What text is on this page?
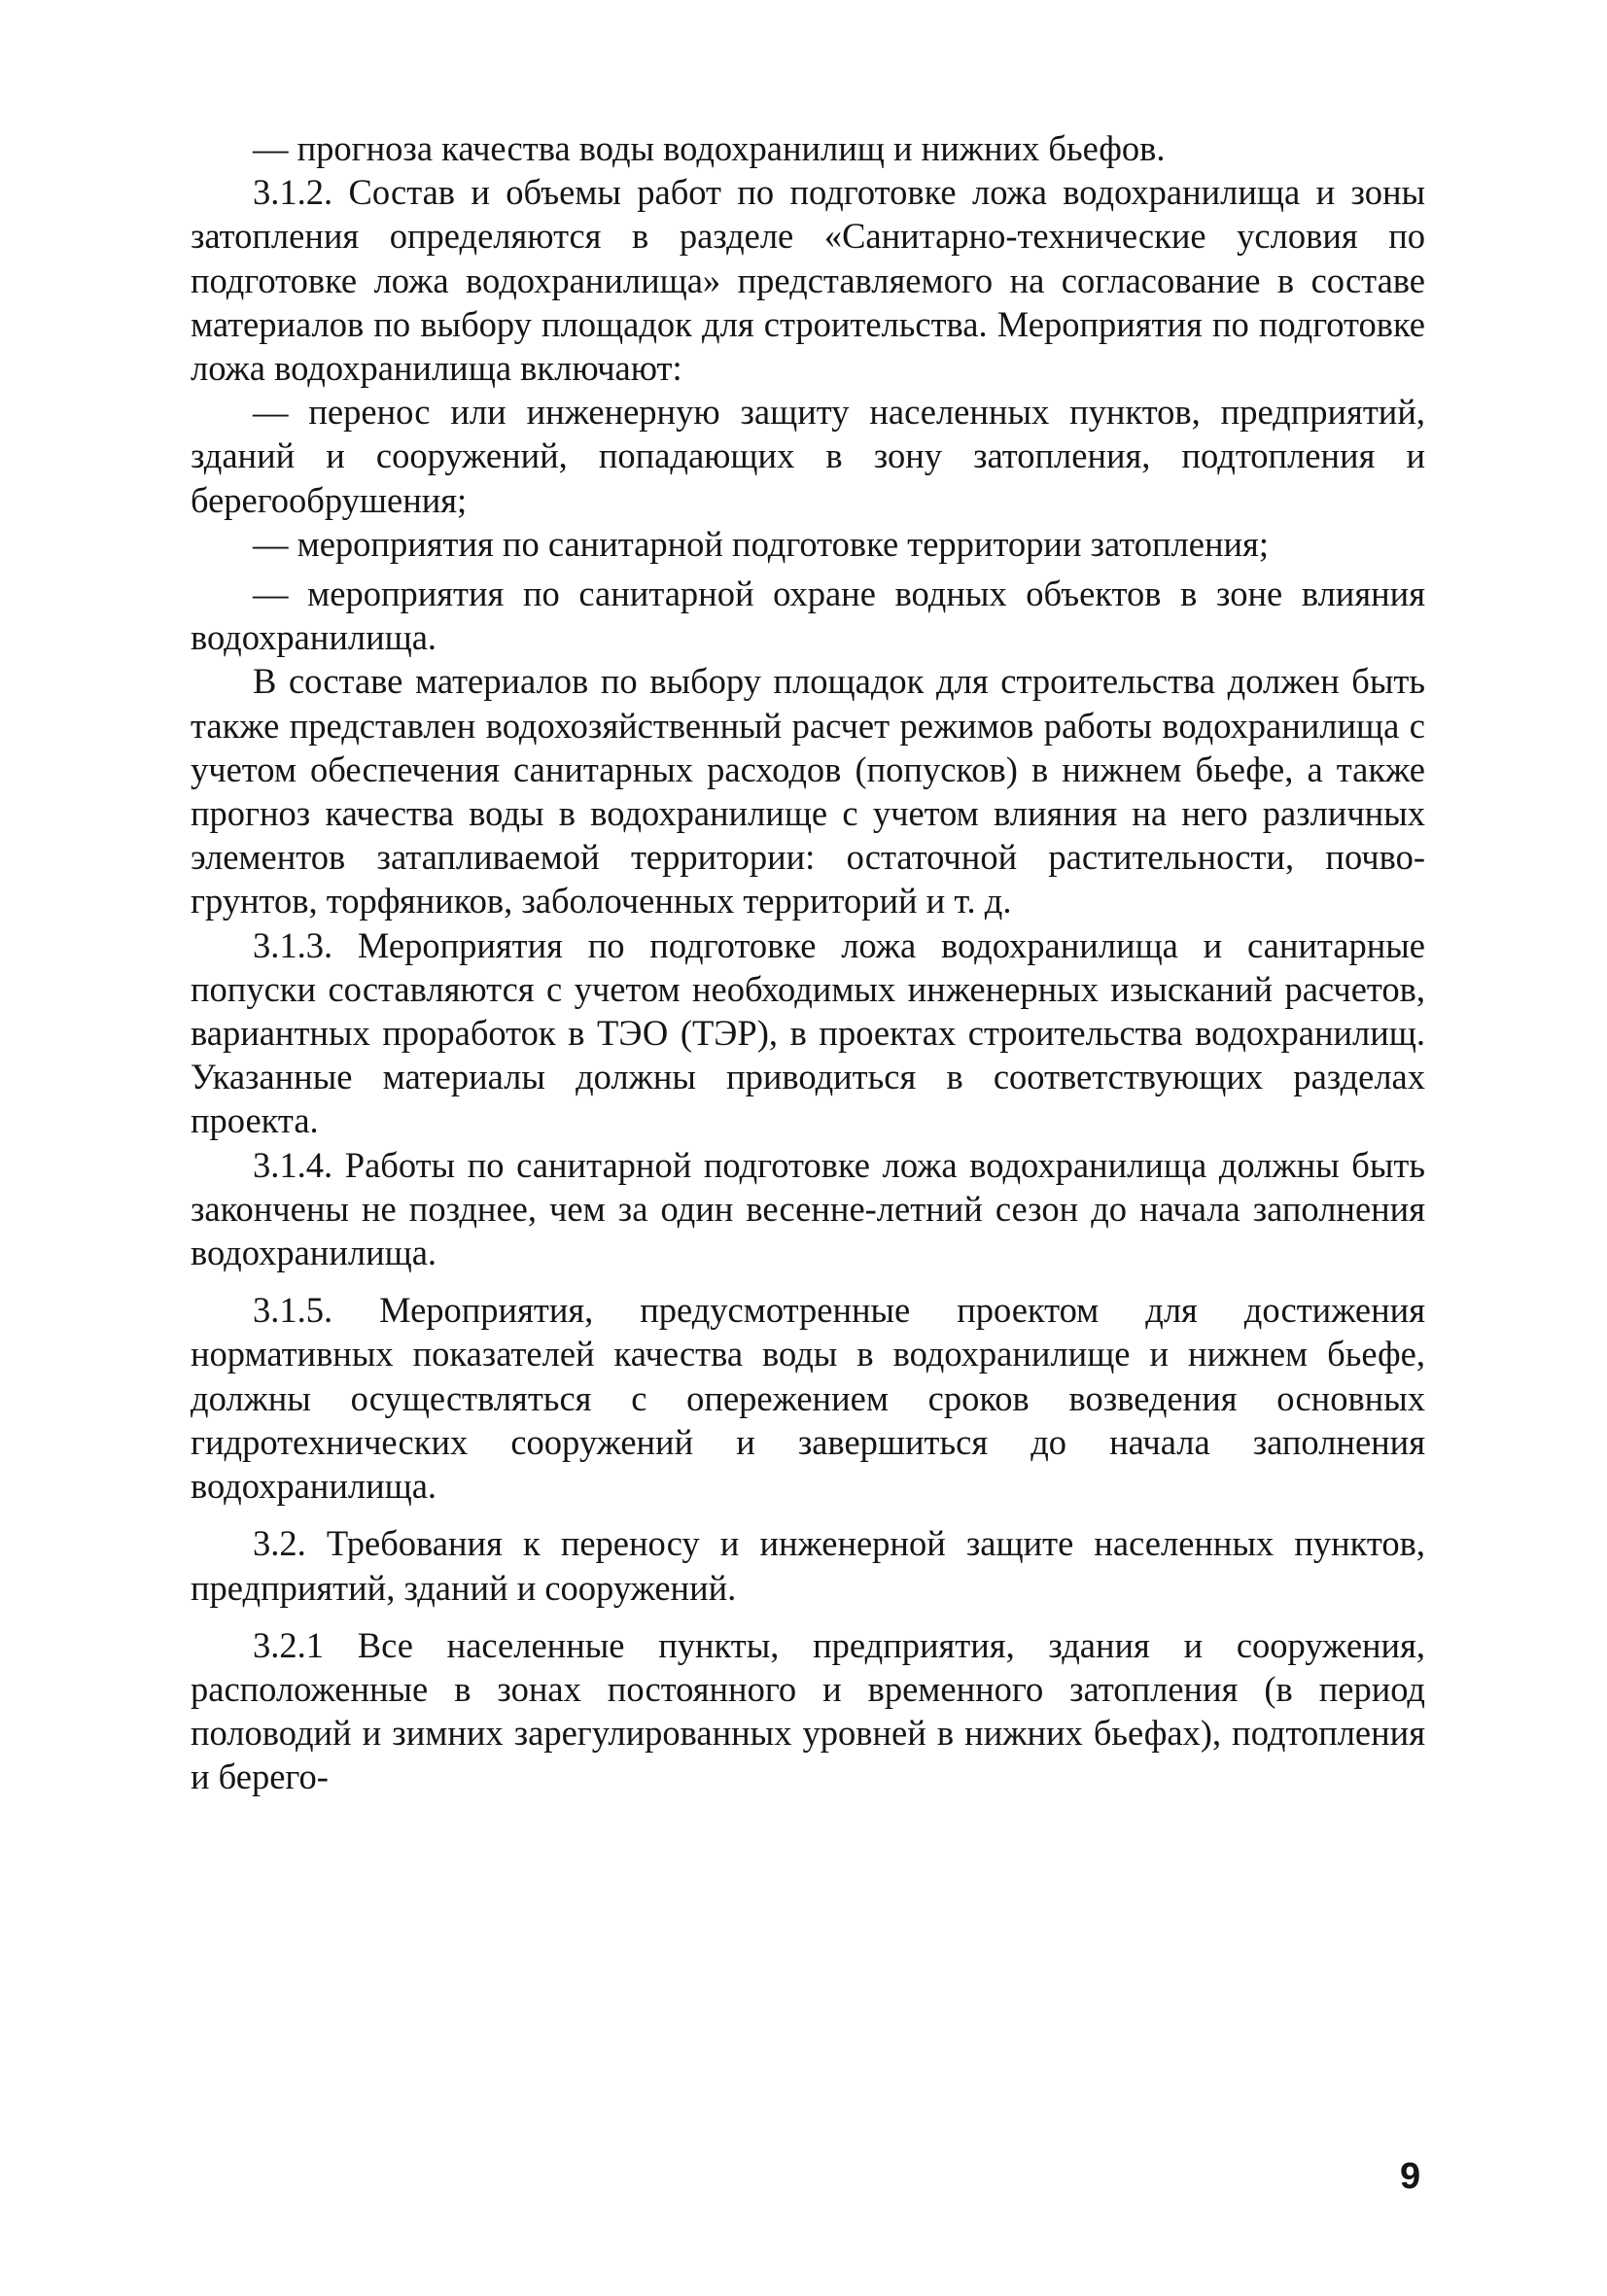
— прогноза качества воды водохранилищ и нижних бьефов.

3.1.2. Состав и объемы работ по подготовке ложа водохранилища и зоны затопления определяются в разделе «Санитарно-технические условия по подготовке ложа водохранилища» представляемого на согласование в составе материалов по выбору площадок для строительства. Мероприятия по подготовке ложа водохранилища включают:

— перенос или инженерную защиту населенных пунктов, предприятий, зданий и сооружений, попадающих в зону затопления, подтопления и берегообрушения;

— мероприятия по санитарной подготовке территории затопления;

— мероприятия по санитарной охране водных объектов в зоне влияния водохранилища.

В составе материалов по выбору площадок для строительства должен быть также представлен водохозяйственный расчет режимов работы водохранилища с учетом обеспечения санитарных расходов (попусков) в нижнем бьефе, а также прогноз качества воды в водохранилище с учетом влияния на него различных элементов затапливаемой территории: остаточной растительности, почво-грунтов, торфяников, заболоченных территорий и т. д.

3.1.3. Мероприятия по подготовке ложа водохранилища и санитарные попуски составляются с учетом необходимых инженерных изысканий расчетов, вариантных проработок в ТЭО (ТЭР), в проектах строительства водохранилищ. Указанные материалы должны приводиться в соответствующих разделах проекта.

3.1.4. Работы по санитарной подготовке ложа водохранилища должны быть закончены не позднее, чем за один весенне-летний сезон до начала заполнения водохранилища.

3.1.5. Мероприятия, предусмотренные проектом для достижения нормативных показателей качества воды в водохранилище и нижнем бьефе, должны осуществляться с опережением сроков возведения основных гидротехнических сооружений и завершиться до начала заполнения водохранилища.

3.2. Требования к переносу и инженерной защите населенных пунктов, предприятий, зданий и сооружений.

3.2.1 Все населенные пункты, предприятия, здания и сооружения, расположенные в зонах постоянного и временного затопления (в период половодий и зимних зарегулированных уровней в нижних бьефах), подтопления и берего-

9
